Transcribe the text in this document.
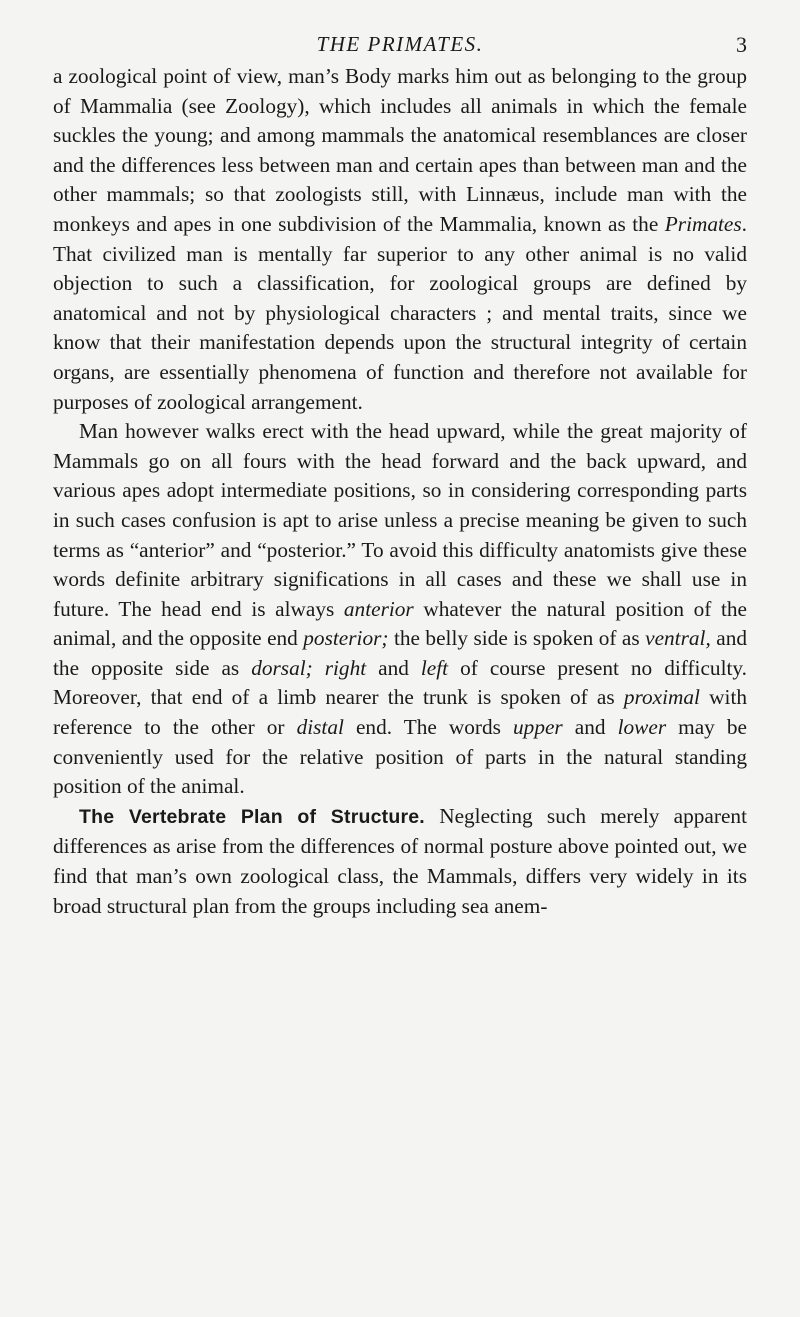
THE PRIMATES.	3

a zoological point of view, man’s Body marks him out as belonging to the group of Mammalia (see Zoology), which includes all animals in which the female suckles the young; and among mammals the anatomical resemblances are closer and the differences less between man and certain apes than between man and the other mammals; so that zoologists still, with Linnæus, include man with the monkeys and apes in one subdivision of the Mammalia, known as the Primates. That civilized man is mentally far superior to any other animal is no valid objection to such a classification, for zoological groups are defined by anatomical and not by physiological characters ; and mental traits, since we know that their manifestation depends upon the structural integrity of certain organs, are essentially phenomena of function and therefore not available for purposes of zoological arrangement.

Man however walks erect with the head upward, while the great majority of Mammals go on all fours with the head forward and the back upward, and various apes adopt intermediate positions, so in considering corresponding parts in such cases confusion is apt to arise unless a precise meaning be given to such terms as “anterior” and “posterior.” To avoid this difficulty anatomists give these words definite arbitrary significations in all cases and these we shall use in future. The head end is always anterior whatever the natural position of the animal, and the opposite end posterior; the belly side is spoken of as ventral, and the opposite side as dorsal; right and left of course present no difficulty. Moreover, that end of a limb nearer the trunk is spoken of as proximal with reference to the other or distal end. The words upper and lower may be conveniently used for the relative position of parts in the natural standing position of the animal.

The Vertebrate Plan of Structure. Neglecting such merely apparent differences as arise from the differences of normal posture above pointed out, we find that man’s own zoological class, the Mammals, differs very widely in its broad structural plan from the groups including sea anem-
